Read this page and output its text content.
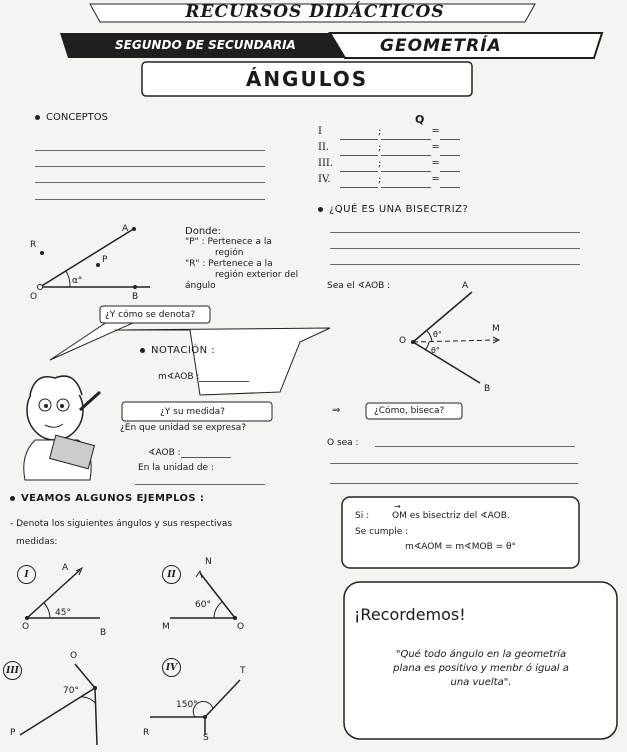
RECURSOS DIDÁCTICOS
SEGUNDO DE SECUNDARIA	GEOMETRÍA
ÁNGULOS
CONCEPTOS	Q
I	;	=
II.	;	=
III.	;	=
IV.	;	=
¿QUÉ ES UNA BISECTRIZ?
A
R
P
α°
O	B
Donde:
"P" : Pertenece a la
región
"R" : Pertenece a la
región exterior del
ángulo	Sea el ∢AOB :	A
O
M
B
θ°
θ°
¿Y cómo se denota?
NOTACIÓN :
m∢AOB :
¿Y su medida?
¿En que unidad se expresa?
∢AOB :
En la unidad de :
⇒	¿Cómo, biseca?
O sea :
VEAMOS ALGUNOS EJEMPLOS :
- Denota los siguientes ángulos y sus respectivas
medidas:
Si :
→
OM es bisectriz del ∢AOB.
Se cumple :
m∢AOM = m∢MOB = θ°
I
A
45°
O
B
II
N
60°
M	O
III
O
70°
P
IV	T
150°
R	S
¡Recordemos!
"Qué todo ángulo en la geometría
plana es positivo y menbr ó igual a
una vuelta".
